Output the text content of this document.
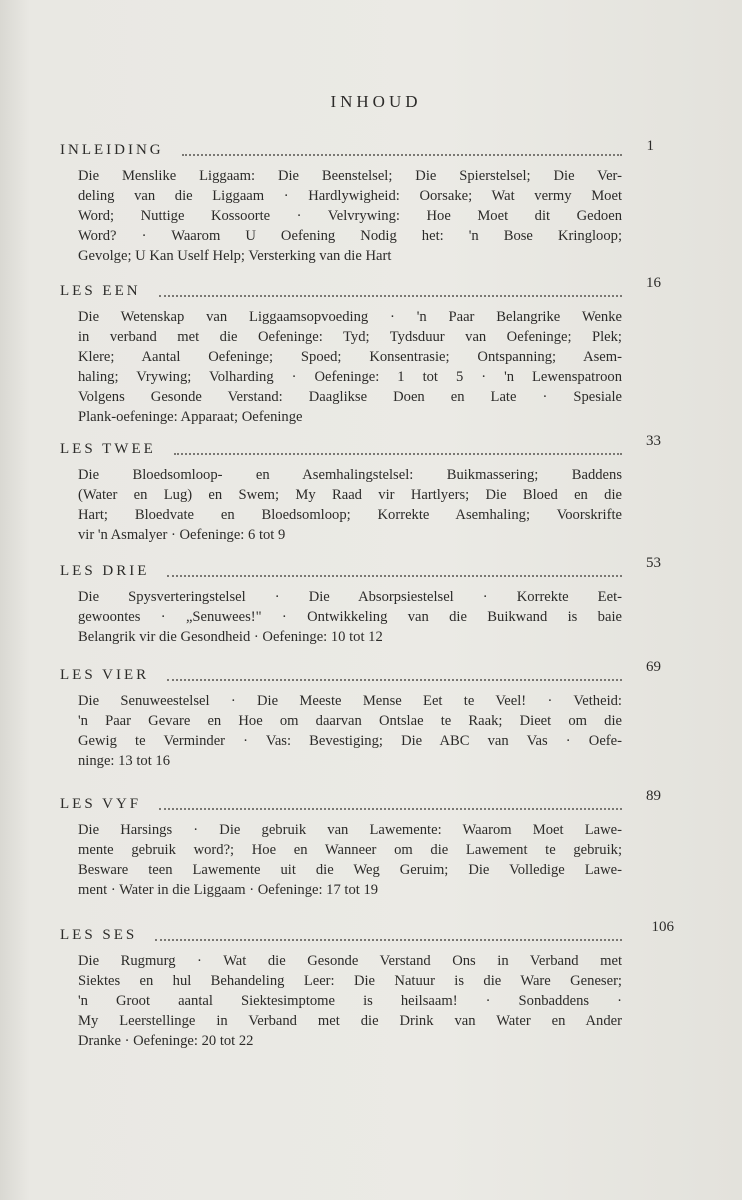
INHOUD
INLEIDING	1
Die Menslike Liggaam: Die Beenstelsel; Die Spierstelsel; Die Ver-
deling van die Liggaam · Hardlywigheid: Oorsake; Wat vermy Moet
Word; Nuttige Kossoorte · Velvrywing: Hoe Moet dit Gedoen
Word? · Waarom U Oefening Nodig het: 'n Bose Kringloop;
Gevolge; U Kan Uself Help; Versterking van die Hart
LES EEN	16
Die Wetenskap van Liggaamsopvoeding · 'n Paar Belangrike Wenke
in verband met die Oefeninge: Tyd; Tydsduur van Oefeninge; Plek;
Klere; Aantal Oefeninge; Spoed; Konsentrasie; Ontspanning; Asem-
haling; Vrywing; Volharding · Oefeninge: 1 tot 5 · 'n Lewenspatroon
Volgens Gesonde Verstand: Daaglikse Doen en Late · Spesiale
Plank-oefeninge: Apparaat; Oefeninge
LES TWEE	33
Die Bloedsomloop- en Asemhalingstelsel: Buikmassering; Baddens
(Water en Lug) en Swem; My Raad vir Hartlyers; Die Bloed en die
Hart; Bloedvate en Bloedsomloop; Korrekte Asemhaling; Voorskrifte
vir 'n Asmalyer · Oefeninge: 6 tot 9
LES DRIE	53
Die Spysverteringstelsel · Die Absorpsiestelsel · Korrekte Eet-
gewoontes · „Senuwees!" · Ontwikkeling van die Buikwand is baie
Belangrik vir die Gesondheid · Oefeninge: 10 tot 12
LES VIER	69
Die Senuweestelsel · Die Meeste Mense Eet te Veel! · Vetheid:
'n Paar Gevare en Hoe om daarvan Ontslae te Raak; Dieet om die
Gewig te Verminder · Vas: Bevestiging; Die ABC van Vas · Oefe-
ninge: 13 tot 16
LES VYF	89
Die Harsings · Die gebruik van Lawemente: Waarom Moet Lawe-
mente gebruik word?; Hoe en Wanneer om die Lawement te gebruik;
Besware teen Lawemente uit die Weg Geruim; Die Volledige Lawe-
ment · Water in die Liggaam · Oefeninge: 17 tot 19
LES SES	106
Die Rugmurg · Wat die Gesonde Verstand Ons in Verband met
Siektes en hul Behandeling Leer: Die Natuur is die Ware Geneser;
'n Groot aantal Siektesimptome is heilsaam! · Sonbaddens ·
My Leerstellinge in Verband met die Drink van Water en Ander
Dranke · Oefeninge: 20 tot 22
